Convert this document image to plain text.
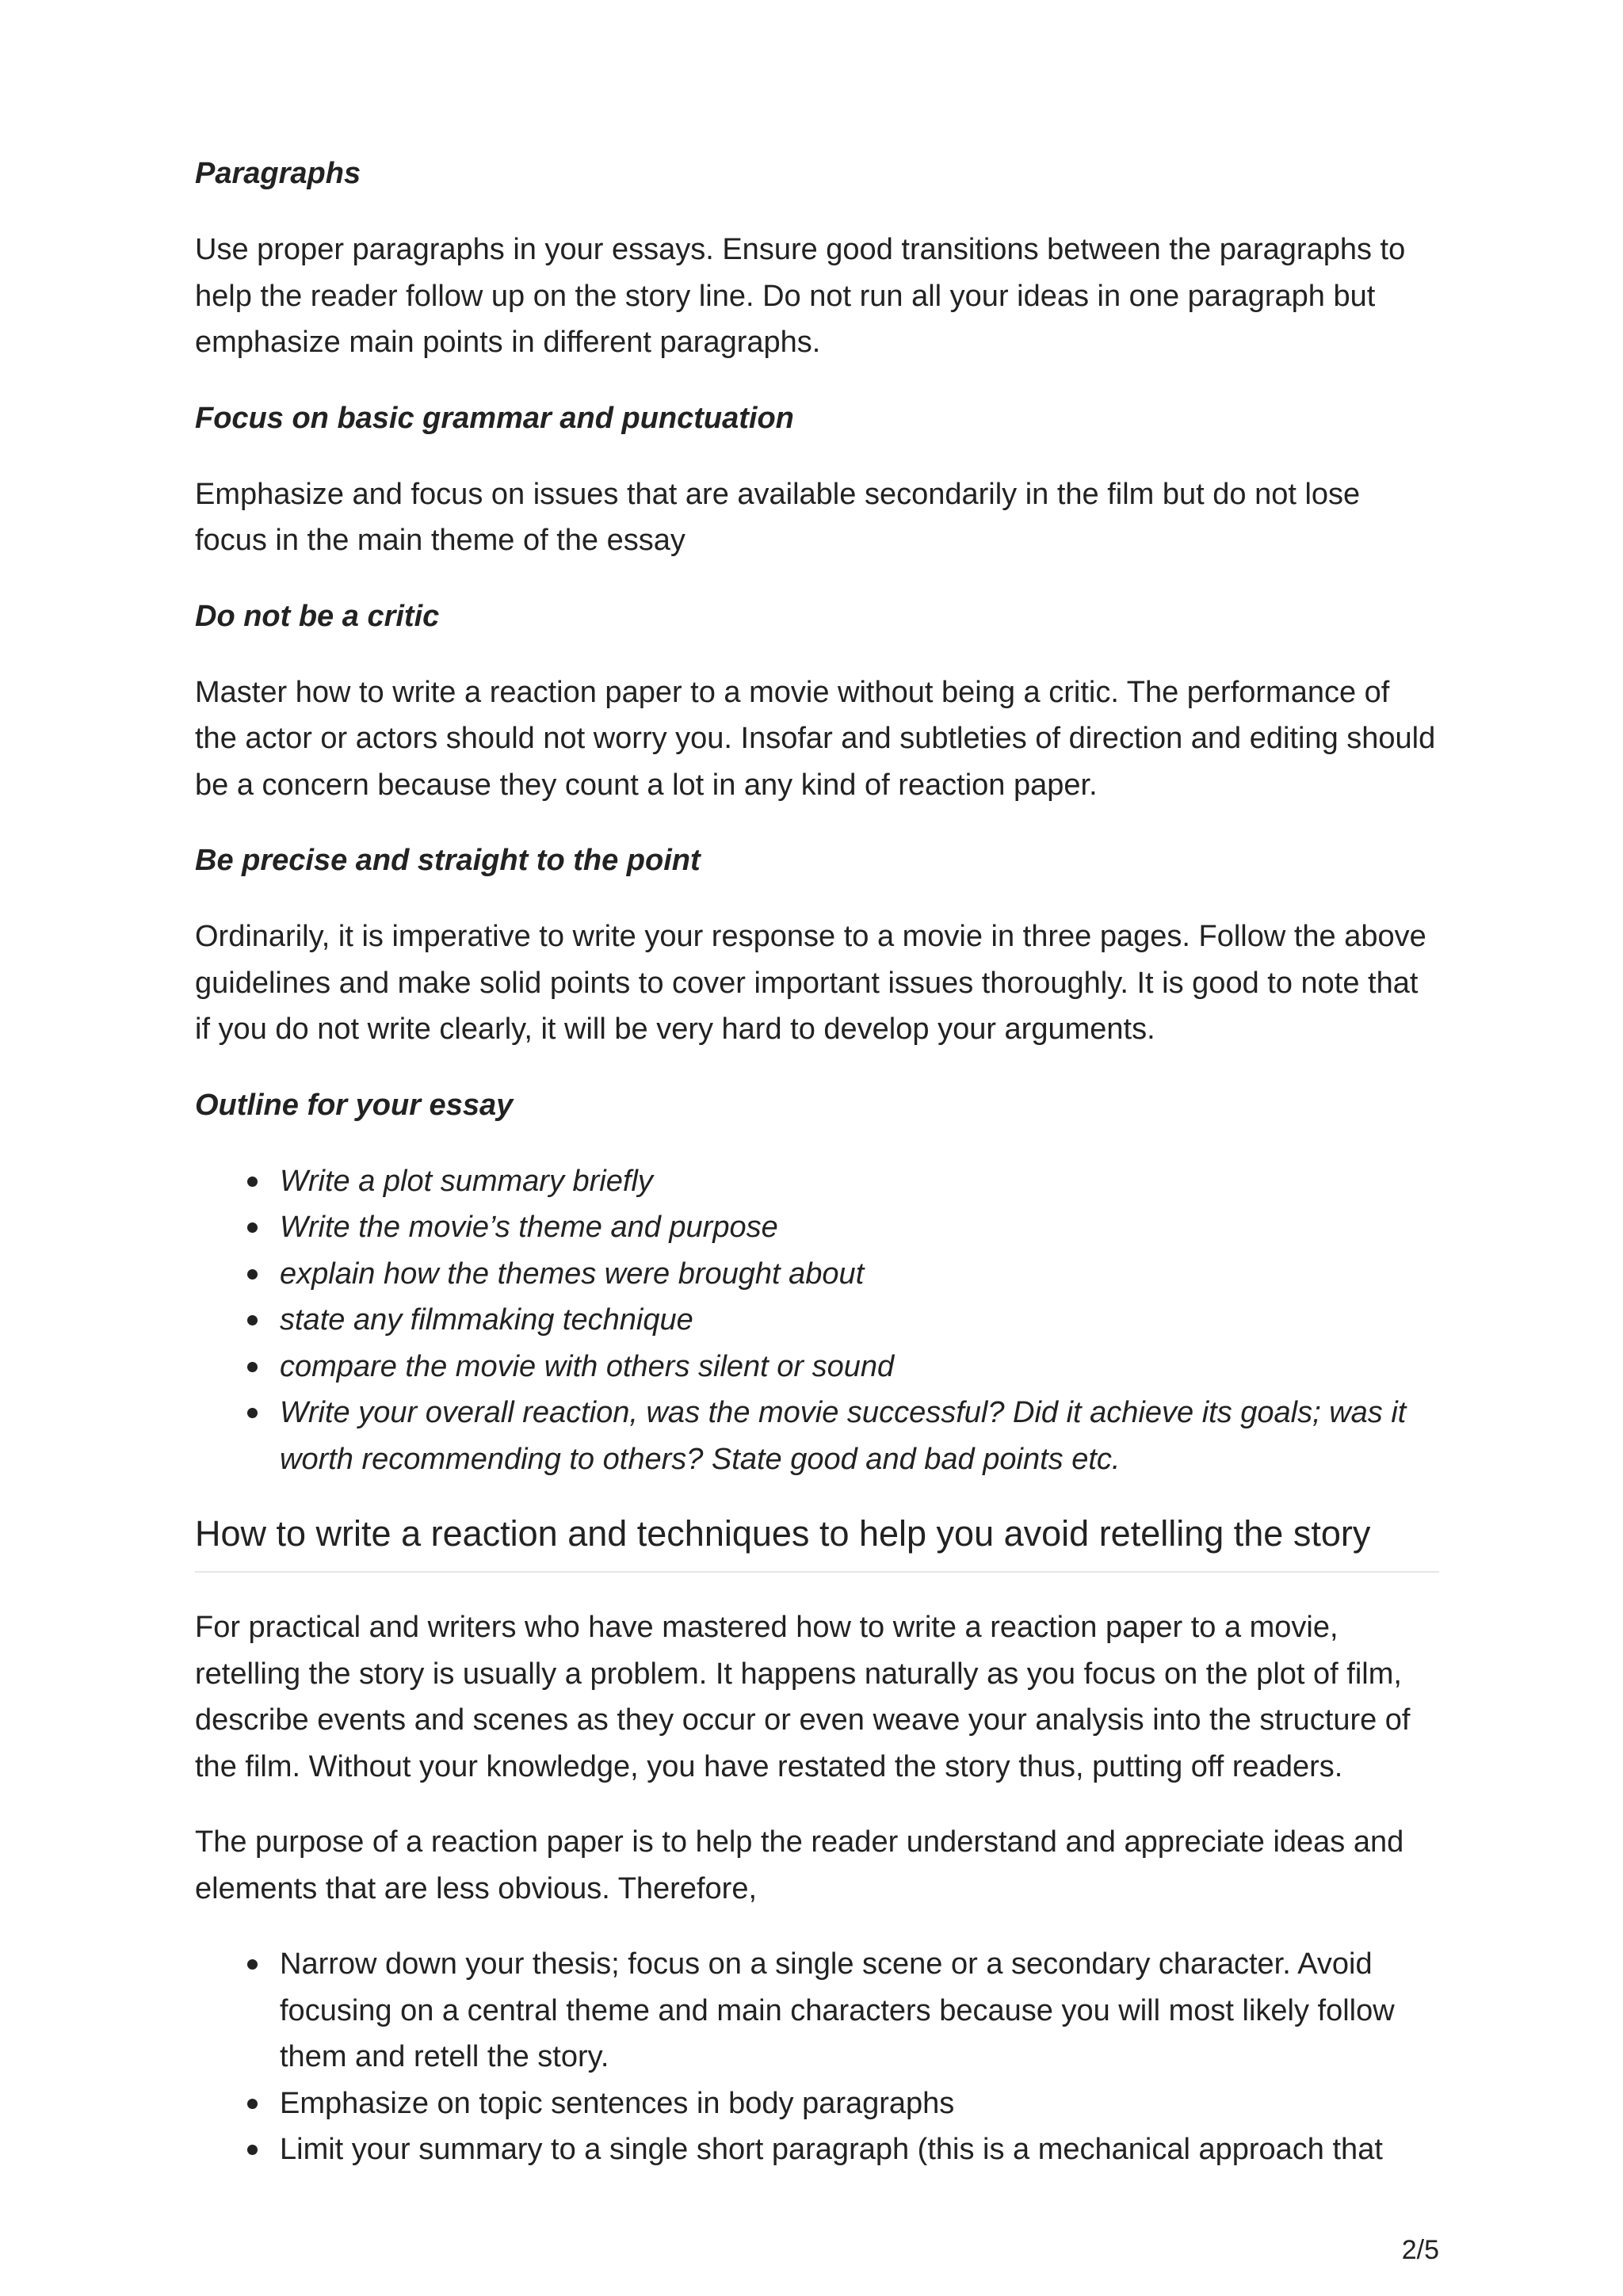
Paragraphs

Use proper paragraphs in your essays. Ensure good transitions between the paragraphs to help the reader follow up on the story line. Do not run all your ideas in one paragraph but emphasize main points in different paragraphs.

Focus on basic grammar and punctuation

Emphasize and focus on issues that are available secondarily in the film but do not lose focus in the main theme of the essay

Do not be a critic

Master how to write a reaction paper to a movie without being a critic. The performance of the actor or actors should not worry you. Insofar and subtleties of direction and editing should be a concern because they count a lot in any kind of reaction paper.

Be precise and straight to the point

Ordinarily, it is imperative to write your response to a movie in three pages. Follow the above guidelines and make solid points to cover important issues thoroughly. It is good to note that if you do not write clearly, it will be very hard to develop your arguments.

Outline for your essay
Write a plot summary briefly
Write the movie’s theme and purpose
explain how the themes were brought about
state any filmmaking technique
compare the movie with others silent or sound
Write your overall reaction, was the movie successful? Did it achieve its goals; was it worth recommending to others? State good and bad points etc.
How to write a reaction and techniques to help you avoid retelling the story

For practical and writers who have mastered how to write a reaction paper to a movie, retelling the story is usually a problem. It happens naturally as you focus on the plot of film, describe events and scenes as they occur or even weave your analysis into the structure of the film. Without your knowledge, you have restated the story thus, putting off readers.

The purpose of a reaction paper is to help the reader understand and appreciate ideas and elements that are less obvious. Therefore,

Narrow down your thesis; focus on a single scene or a secondary character. Avoid focusing on a central theme and main characters because you will most likely follow them and retell the story.
Emphasize on topic sentences in body paragraphs
Limit your summary to a single short paragraph (this is a mechanical approach that
2/5
